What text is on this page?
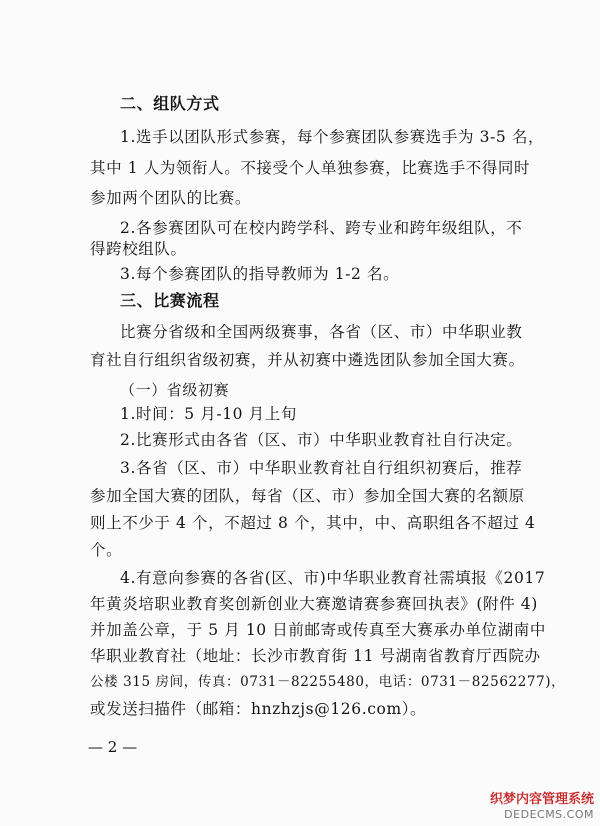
二、组队方式
1.选手以团队形式参赛，每个参赛团队参赛选手为 3-5 名，
其中 1 人为领衔人。不接受个人单独参赛，比赛选手不得同时
参加两个团队的比赛。
2.各参赛团队可在校内跨学科、跨专业和跨年级组队，不
得跨校组队。
3.每个参赛团队的指导教师为 1-2 名。
三、比赛流程
比赛分省级和全国两级赛事，各省（区、市）中华职业教
育社自行组织省级初赛，并从初赛中遴选团队参加全国大赛。
（一）省级初赛
1.时间：5 月-10 月上旬
2.比赛形式由各省（区、市）中华职业教育社自行决定。
3.各省（区、市）中华职业教育社自行组织初赛后，推荐
参加全国大赛的团队，每省（区、市）参加全国大赛的名额原
则上不少于 4 个，不超过 8 个，其中，中、高职组各不超过 4
个。
4.有意向参赛的各省(区、市)中华职业教育社需填报《2017
年黄炎培职业教育奖创新创业大赛邀请赛参赛回执表》(附件 4)
并加盖公章，于 5 月 10 日前邮寄或传真至大赛承办单位湖南中
华职业教育社（地址：长沙市教育街 11 号湖南省教育厅西院办
公楼 315 房间，传真：0731－82255480，电话：0731－82562277)，
或发送扫描件（邮箱：hnzhzjs@126.com）。
— 2 —
织梦内容管理系统
DEDECMS.COM
